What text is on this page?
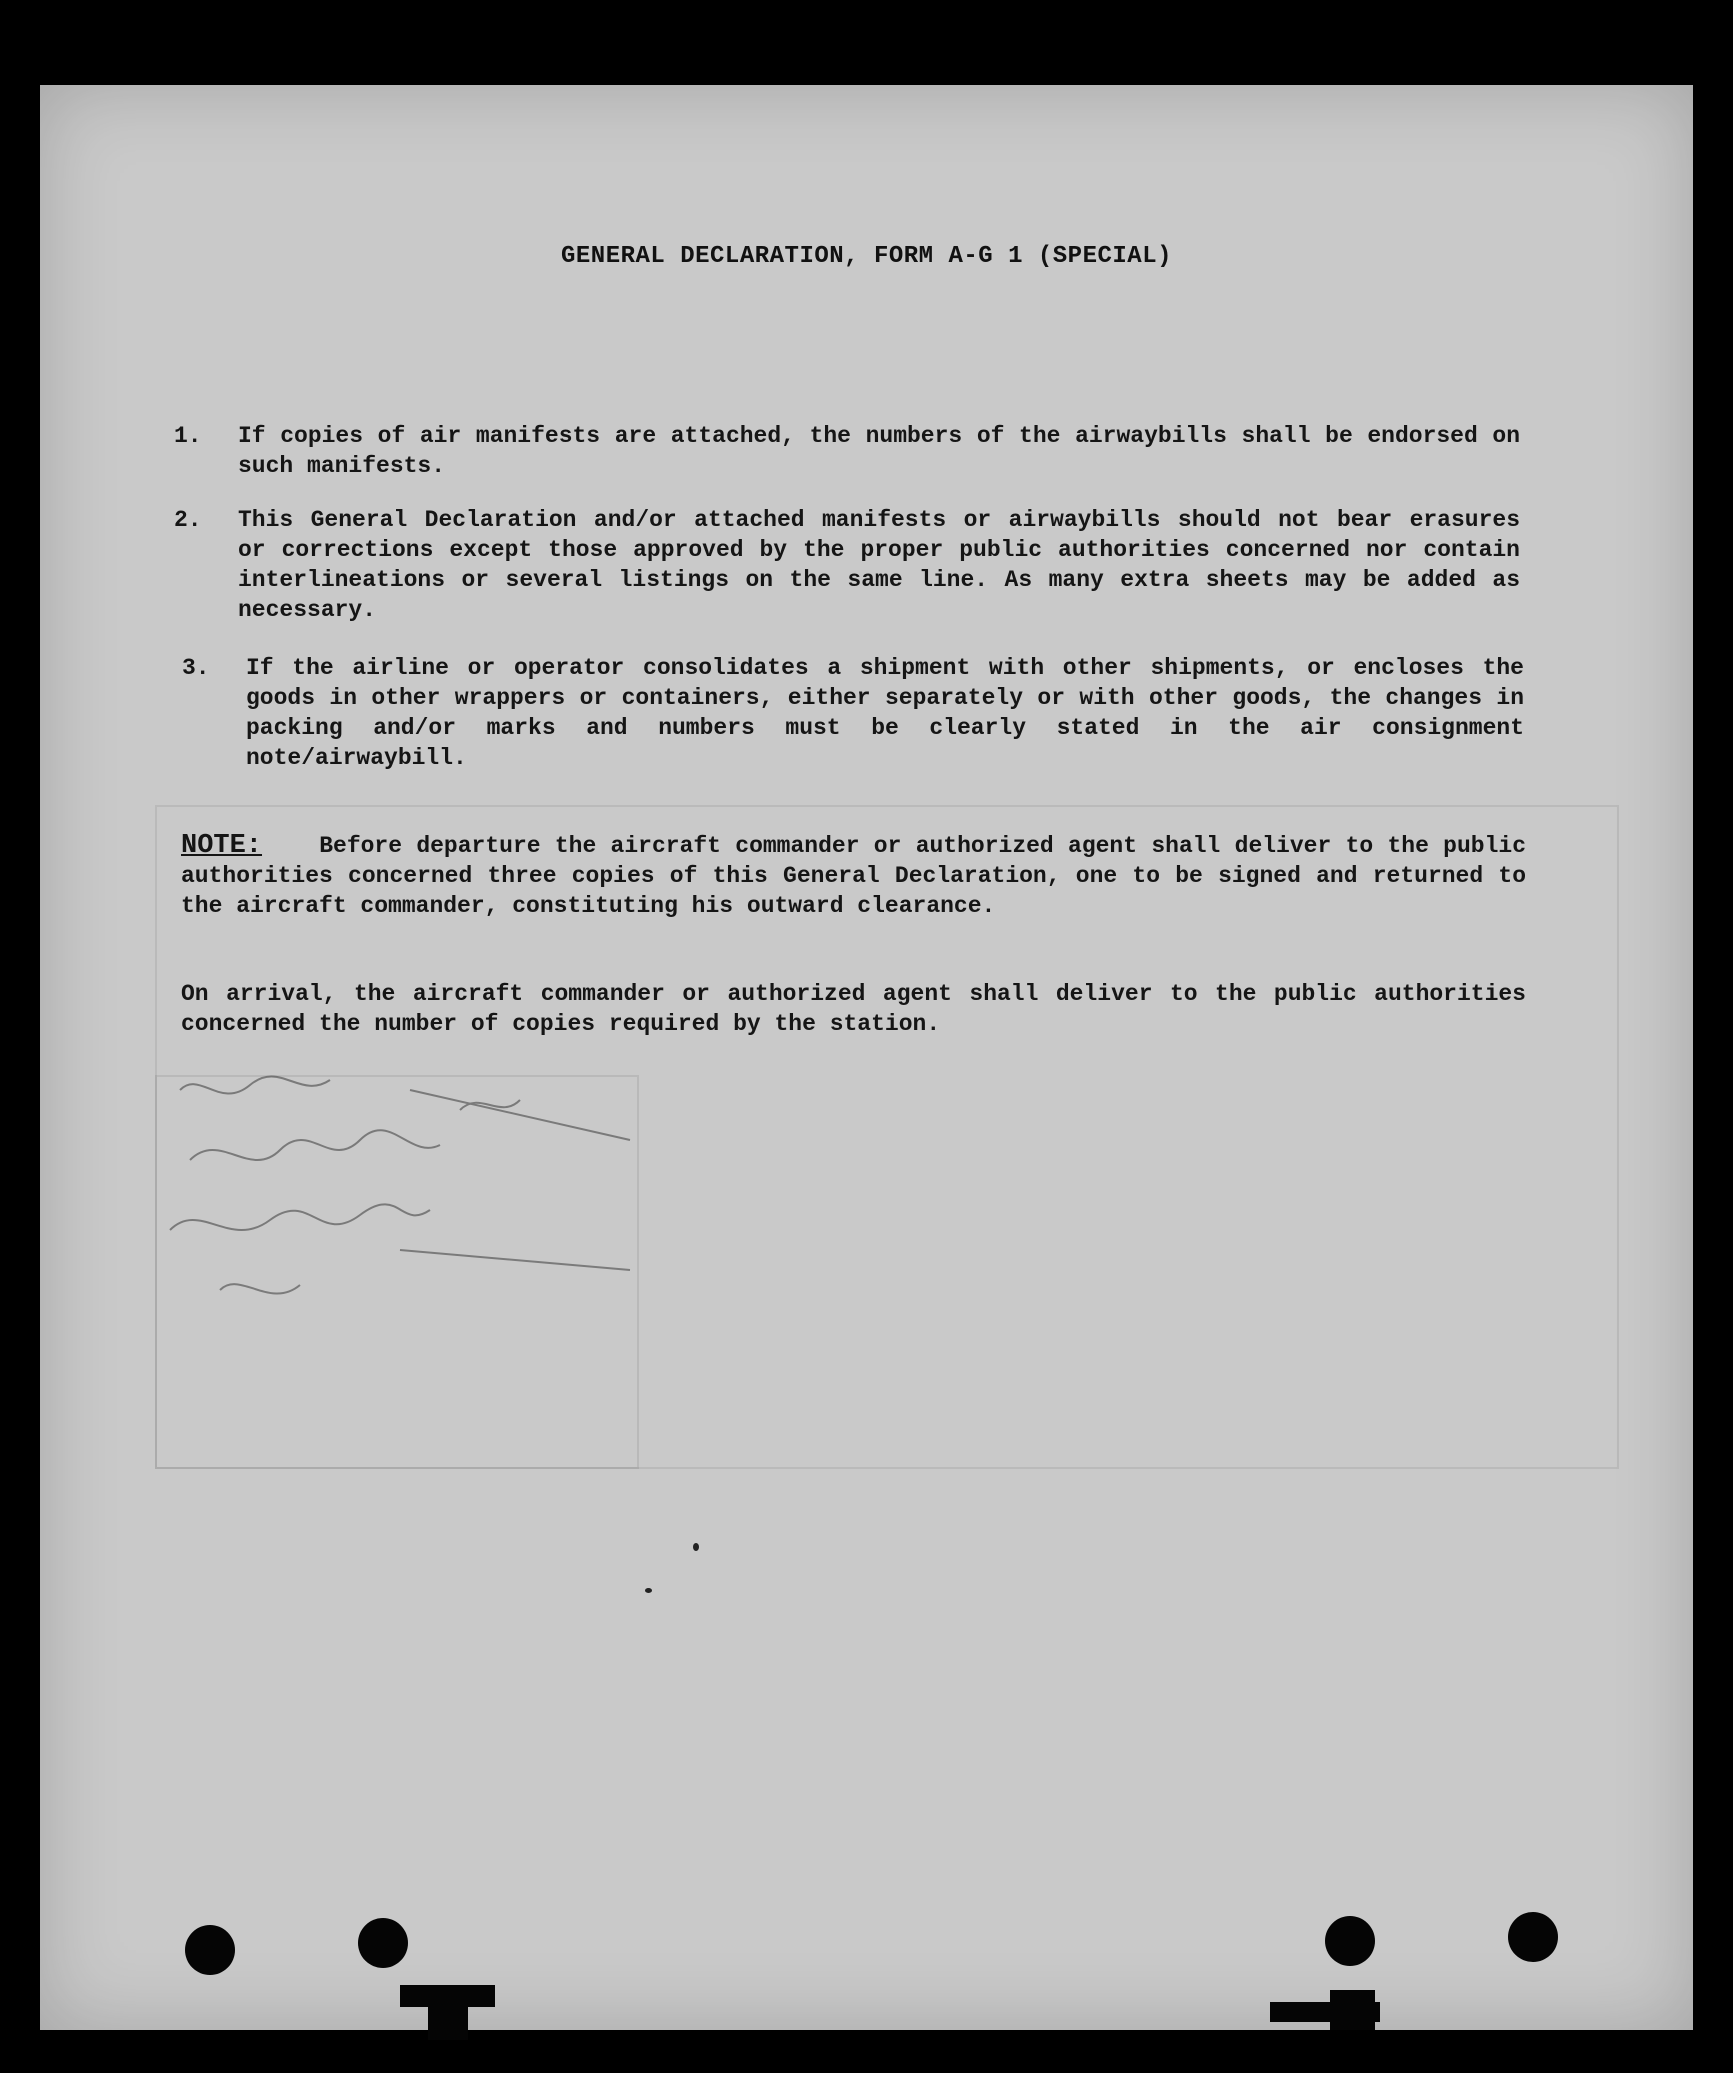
GENERAL DECLARATION, FORM A-G 1 (SPECIAL)
1. If copies of air manifests are attached, the numbers of the airwaybills shall be endorsed on such manifests.
2. This General Declaration and/or attached manifests or airwaybills should not bear erasures or corrections except those approved by the proper public authorities concerned nor contain interlineations or several listings on the same line. As many extra sheets may be added as necessary.
3. If the airline or operator consolidates a shipment with other shipments, or encloses the goods in other wrappers or containers, either separately or with other goods, the changes in packing and/or marks and numbers must be clearly stated in the air consignment note/airwaybill.

NOTE: Before departure the aircraft commander or authorized agent shall deliver to the public authorities concerned three copies of this General Declaration, one to be signed and returned to the aircraft commander, constituting his outward clearance.

On arrival, the aircraft commander or authorized agent shall deliver to the public authorities concerned the number of copies required by the station.
